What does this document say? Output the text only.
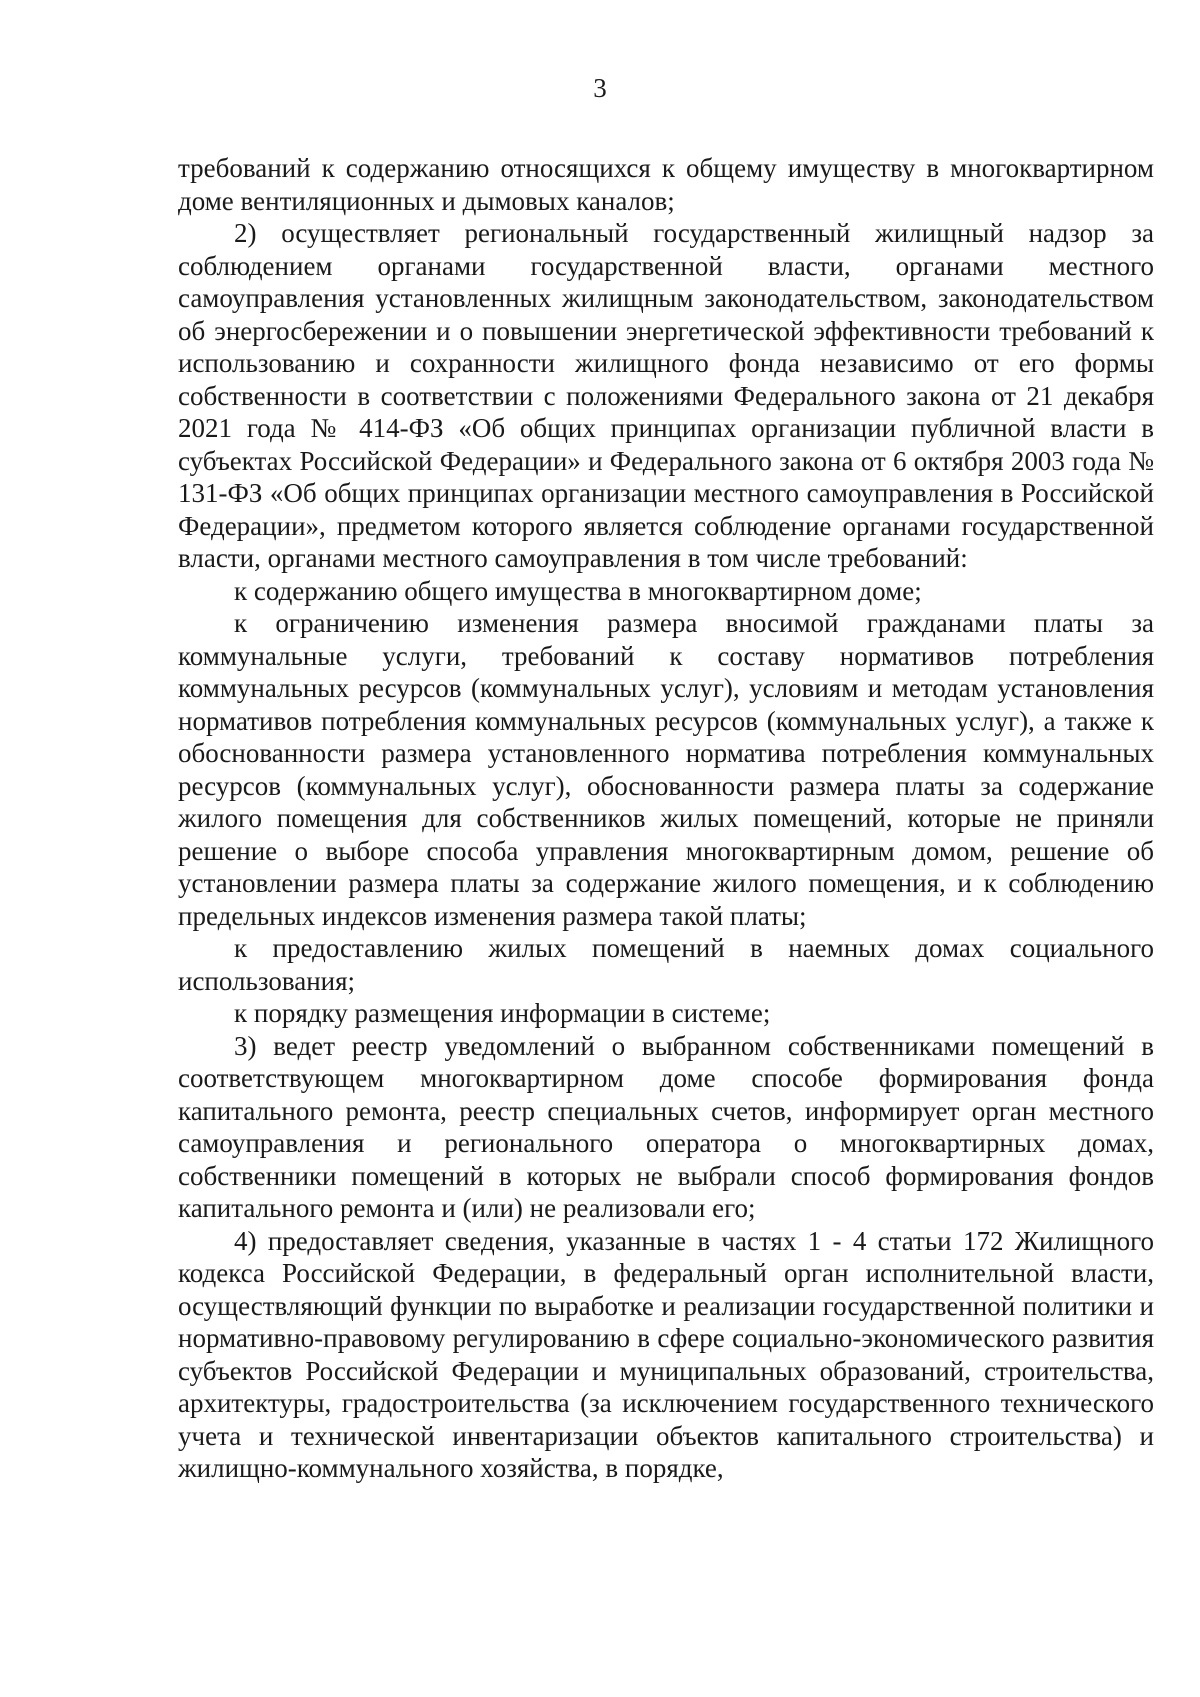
3

требований к содержанию относящихся к общему имуществу в многоквартирном доме вентиляционных и дымовых каналов;

2) осуществляет региональный государственный жилищный надзор за соблюдением органами государственной власти, органами местного самоуправления установленных жилищным законодательством, законодательством об энергосбережении и о повышении энергетической эффективности требований к использованию и сохранности жилищного фонда независимо от его формы собственности в соответствии с положениями Федерального закона от 21 декабря 2021 года № 414-ФЗ «Об общих принципах организации публичной власти в субъектах Российской Федерации» и Федерального закона от 6 октября 2003 года № 131-ФЗ «Об общих принципах организации местного самоуправления в Российской Федерации», предметом которого является соблюдение органами государственной власти, органами местного самоуправления в том числе требований:

к содержанию общего имущества в многоквартирном доме;

к ограничению изменения размера вносимой гражданами платы за коммунальные услуги, требований к составу нормативов потребления коммунальных ресурсов (коммунальных услуг), условиям и методам установления нормативов потребления коммунальных ресурсов (коммунальных услуг), а также к обоснованности размера установленного норматива потребления коммунальных ресурсов (коммунальных услуг), обоснованности размера платы за содержание жилого помещения для собственников жилых помещений, которые не приняли решение о выборе способа управления многоквартирным домом, решение об установлении размера платы за содержание жилого помещения, и к соблюдению предельных индексов изменения размера такой платы;

к предоставлению жилых помещений в наемных домах социального использования;

к порядку размещения информации в системе;

3) ведет реестр уведомлений о выбранном собственниками помещений в соответствующем многоквартирном доме способе формирования фонда капитального ремонта, реестр специальных счетов, информирует орган местного самоуправления и регионального оператора о многоквартирных домах, собственники помещений в которых не выбрали способ формирования фондов капитального ремонта и (или) не реализовали его;

4) предоставляет сведения, указанные в частях 1 - 4 статьи 172 Жилищного кодекса Российской Федерации, в федеральный орган исполнительной власти, осуществляющий функции по выработке и реализации государственной политики и нормативно-правовому регулированию в сфере социально-экономического развития субъектов Российской Федерации и муниципальных образований, строительства, архитектуры, градостроительства (за исключением государственного технического учета и технической инвентаризации объектов капитального строительства) и жилищно-коммунального хозяйства, в порядке,
